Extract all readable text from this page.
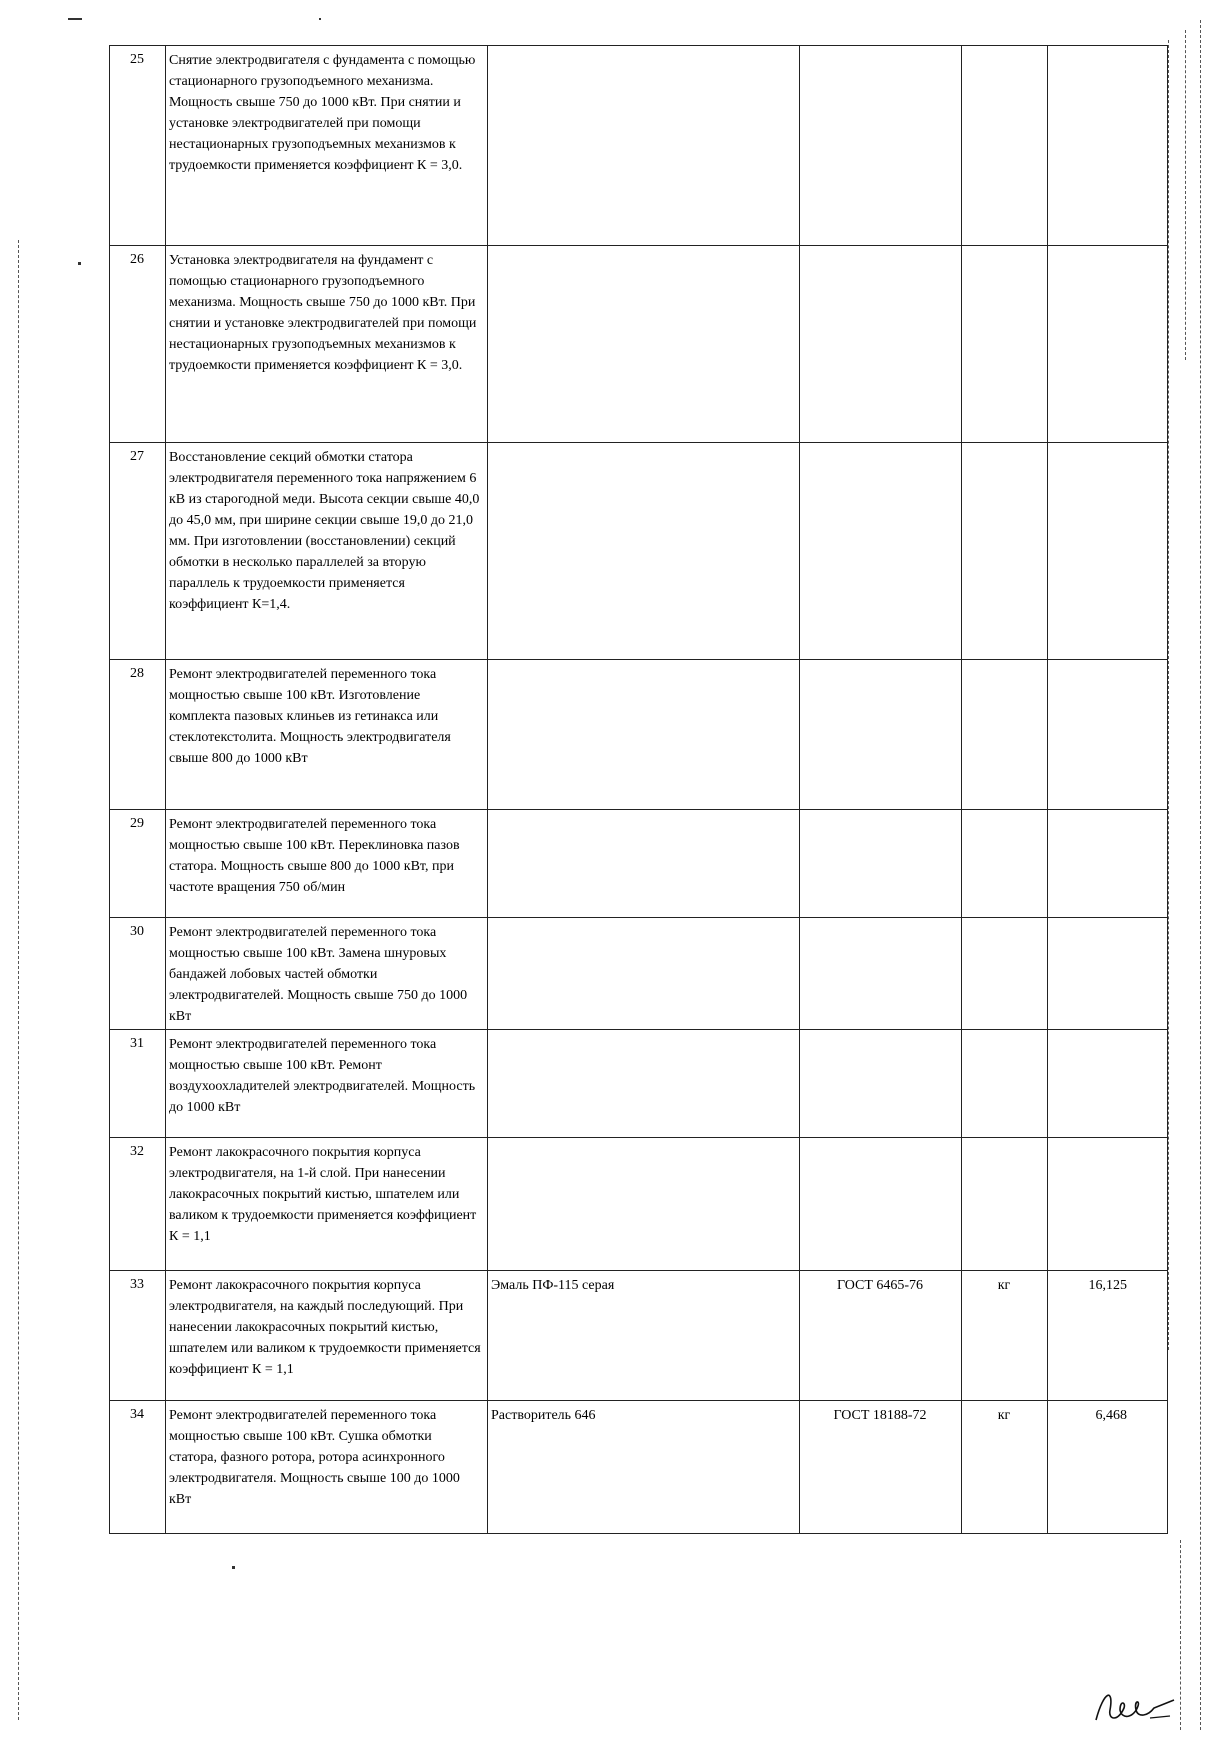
25	Снятие электродвигателя с фундамента с помощью стационарного грузоподъемного механизма. Мощность свыше 750 до 1000 кВт. При снятии и установке электродвигателей при помощи нестационарных грузоподъемных механизмов к трудоемкости применяется коэффициент К = 3,0.				
26	Установка электродвигателя на фундамент с помощью стационарного грузоподъемного механизма. Мощность свыше 750 до 1000 кВт. При снятии и установке электродвигателей при помощи нестационарных грузоподъемных механизмов к трудоемкости применяется коэффициент К = 3,0.				
27	Восстановление секций обмотки статора электродвигателя переменного тока напряжением 6 кВ из старогодной меди. Высота секции свыше 40,0 до 45,0 мм, при ширине секции свыше 19,0 до 21,0 мм. При изготовлении (восстановлении) секций обмотки в несколько параллелей за вторую параллель к трудоемкости применяется коэффициент К=1,4.				
28	Ремонт электродвигателей переменного тока мощностью свыше 100 кВт. Изготовление комплекта пазовых клиньев из гетинакса или стеклотекстолита. Мощность электродвигателя свыше 800 до 1000 кВт				
29	Ремонт электродвигателей переменного тока мощностью свыше 100 кВт. Переклиновка пазов статора. Мощность свыше 800 до 1000 кВт, при частоте вращения 750 об/мин				
30	Ремонт электродвигателей переменного тока мощностью свыше 100 кВт. Замена шнуровых бандажей лобовых частей обмотки электродвигателей. Мощность свыше 750 до 1000 кВт				
31	Ремонт электродвигателей переменного тока мощностью свыше 100 кВт. Ремонт воздухоохладителей электродвигателей. Мощность до 1000 кВт				
32	Ремонт лакокрасочного покрытия корпуса электродвигателя, на 1-й слой. При нанесении лакокрасочных покрытий кистью, шпателем или валиком к трудоемкости применяется коэффициент К = 1,1				
33	Ремонт лакокрасочного покрытия корпуса электродвигателя, на каждый последующий. При нанесении лакокрасочных покрытий кистью, шпателем или валиком к трудоемкости применяется коэффициент К = 1,1	Эмаль ПФ-115 серая	ГОСТ 6465-76	кг	16,125
34	Ремонт электродвигателей переменного тока мощностью свыше 100 кВт. Сушка обмотки статора, фазного ротора, ротора асинхронного электродвигателя. Мощность свыше 100 до 1000 кВт	Растворитель 646	ГОСТ 18188-72	кг	6,468
